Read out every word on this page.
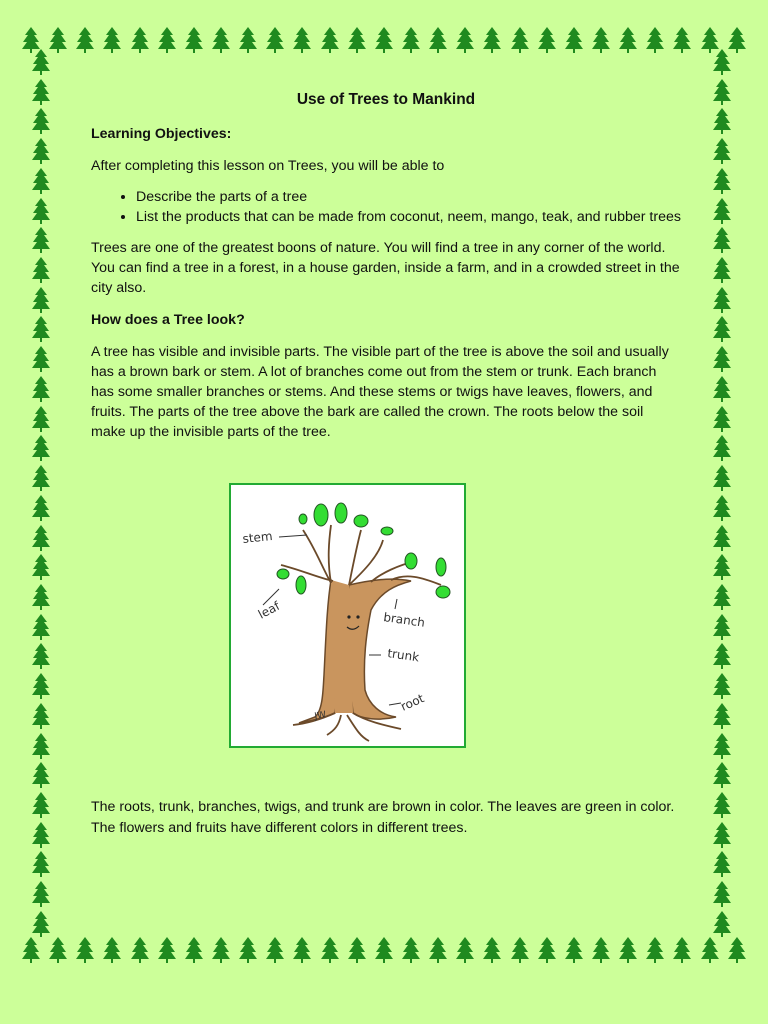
Use of Trees to Mankind
Learning Objectives:

After completing this lesson on Trees, you will be able to

• Describe the parts of a tree
• List the products that can be made from coconut, neem, mango, teak, and rubber trees

Trees are one of the greatest boons of nature. You will find a tree in any corner of the world. You can find a tree in a forest, in a house garden, inside a farm, and in a crowded street in the city also.

How does a Tree look?

A tree has visible and invisible parts. The visible part of the tree is above the soil and usually has a brown bark or stem. A lot of branches come out from the stem or trunk. Each branch has some smaller branches or stems. And these stems or twigs have leaves, flowers, and fruits. The parts of the tree above the bark are called the crown. The roots below the soil make up the invisible parts of the tree.

stem
leaf	branch
trunk
root
JW

The roots, trunk, branches, twigs, and trunk are brown in color. The leaves are green in color. The flowers and fruits have different colors in different trees.
